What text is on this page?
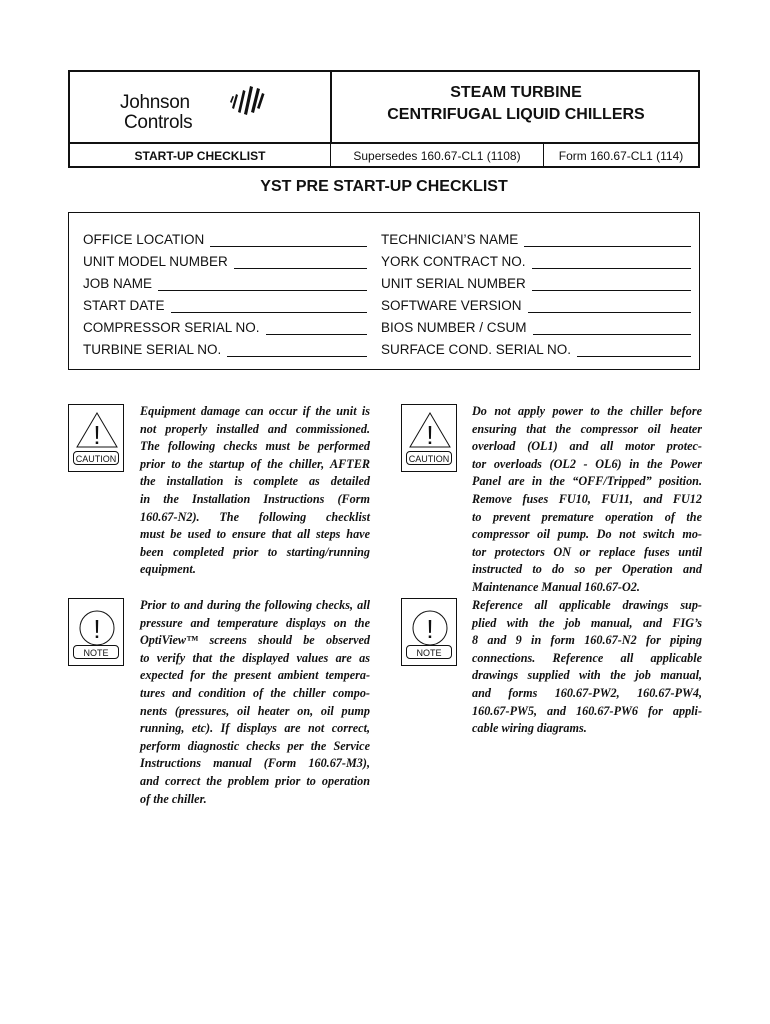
Johnson
Controls
STEAM TURBINE
CENTRIFUGAL LIQUID CHILLERS
START-UP CHECKLIST	Supersedes 160.67-CL1 (1108)	Form 160.67-CL1 (114)
YST PRE START-UP CHECKLIST
OFFICE LOCATION
UNIT MODEL NUMBER
JOB NAME
START DATE
COMPRESSOR SERIAL NO.
TURBINE SERIAL NO.
TECHNICIAN’S NAME
YORK CONTRACT NO.
UNIT SERIAL NUMBER
SOFTWARE VERSION
BIOS NUMBER / CSUM
SURFACE COND. SERIAL NO.
!
CAUTION
Equipment damage can occur if the unit is
not properly installed and commissioned.
The following checks must be performed
prior to the startup of the chiller, AFTER
the installation is complete as detailed
in the Installation Instructions (Form
160.67-N2). The following checklist
must be used to ensure that all steps have
been completed prior to starting/running
equipment.
!
CAUTION
Do not apply power to the chiller before
ensuring that the compressor oil heater
overload (OL1) and all motor protec-
tor overloads (OL2 - OL6) in the Power
Panel are in the “OFF/Tripped” position.
Remove fuses FU10, FU11, and FU12
to prevent premature operation of the
compressor oil pump. Do not switch mo-
tor protectors ON or replace fuses until
instructed to do so per Operation and
Maintenance Manual 160.67-O2.
!
NOTE
Prior to and during the following checks, all
pressure and temperature displays on the
OptiView™ screens should be observed
to verify that the displayed values are as
expected for the present ambient tempera-
tures and condition of the chiller compo-
nents (pressures, oil heater on, oil pump
running, etc). If displays are not correct,
perform diagnostic checks per the Service
Instructions manual (Form 160.67-M3),
and correct the problem prior to operation
of the chiller.
!
NOTE
Reference all applicable drawings sup-
plied with the job manual, and FIG’s
8 and 9 in form 160.67-N2 for piping
connections. Reference all applicable
drawings supplied with the job manual,
and forms 160.67-PW2, 160.67-PW4,
160.67-PW5, and 160.67-PW6 for appli-
cable wiring diagrams.
